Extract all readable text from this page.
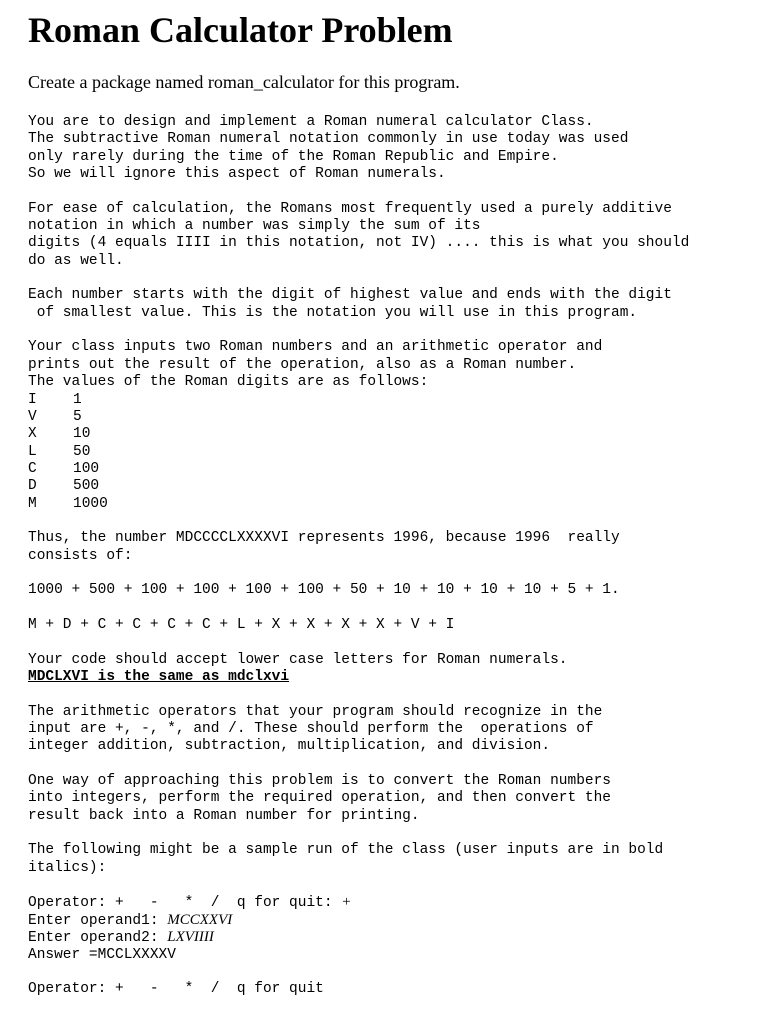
Roman Calculator Problem

Create a package named roman_calculator for this program.

You are to design and implement a Roman numeral calculator Class.
The subtractive Roman numeral notation commonly in use today was used
only rarely during the time of the Roman Republic and Empire.
So we will ignore this aspect of Roman numerals.
For ease of calculation, the Romans most frequently used a purely additive
notation in which a number was simply the sum of its
digits (4 equals IIII in this notation, not IV) .... this is what you should
do as well.
Each number starts with the digit of highest value and ends with the digit
of smallest value. This is the notation you will use in this program.
Your class inputs two Roman numbers and an arithmetic operator and
prints out the result of the operation, also as a Roman number.
The values of the Roman digits are as follows:
I	1
V	5
X	10
L	50
C	100
D	500
M	1000
Thus, the number MDCCCCLXXXXVI represents 1996, because 1996  really
consists of:
1000 + 500 + 100 + 100 + 100 + 100 + 50 + 10 + 10 + 10 + 10 + 5 + 1.
M + D + C + C + C + C + L + X + X + X + X + V + I
Your code should accept lower case letters for Roman numerals.
MDCLXVI is the same as mdclxvi
The arithmetic operators that your program should recognize in the
input are +, -, *, and /. These should perform the  operations of
integer addition, subtraction, multiplication, and division.
One way of approaching this problem is to convert the Roman numbers
into integers, perform the required operation, and then convert the
result back into a Roman number for printing.
The following might be a sample run of the class (user inputs are in bold
italics):
Operator: +   -   *  /  q for quit: +
Enter operand1: MCCXXVI
Enter operand2: LXVIIII
Answer =MCCLXXXXV
Operator: +   -   *  /  q for quit
